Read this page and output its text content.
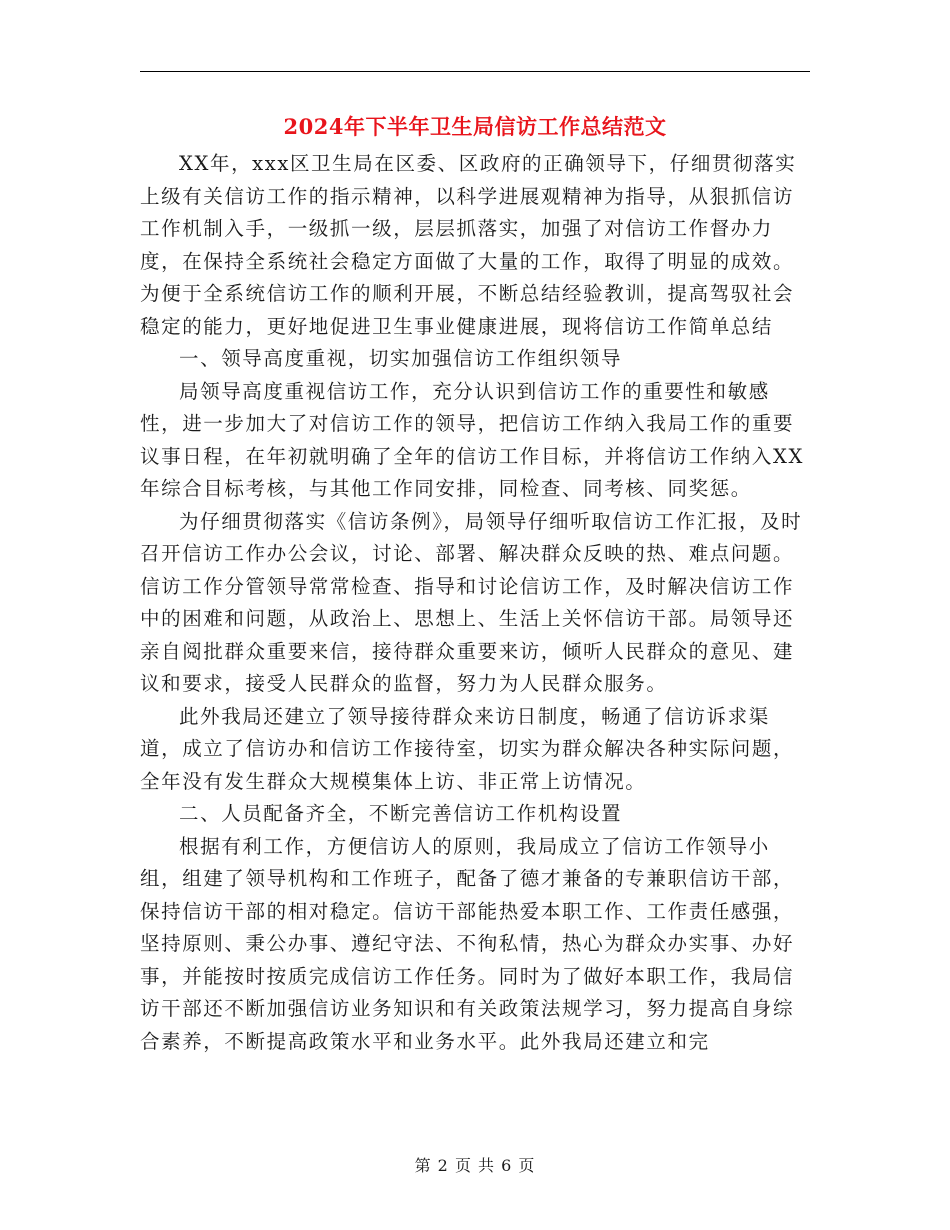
2024年下半年卫生局信访工作总结范文

XX年，xxx区卫生局在区委、区政府的正确领导下，仔细贯彻落实上级有关信访工作的指示精神，以科学进展观精神为指导，从狠抓信访工作机制入手，一级抓一级，层层抓落实，加强了对信访工作督办力度，在保持全系统社会稳定方面做了大量的工作，取得了明显的成效。为便于全系统信访工作的顺利开展，不断总结经验教训，提高驾驭社会稳定的能力，更好地促进卫生事业健康进展，现将信访工作简单总结

一、领导高度重视，切实加强信访工作组织领导

局领导高度重视信访工作，充分认识到信访工作的重要性和敏感性，进一步加大了对信访工作的领导，把信访工作纳入我局工作的重要议事日程，在年初就明确了全年的信访工作目标，并将信访工作纳入XX年综合目标考核，与其他工作同安排，同检查、同考核、同奖惩。

为仔细贯彻落实《信访条例》，局领导仔细听取信访工作汇报，及时召开信访工作办公会议，讨论、部署、解决群众反映的热、难点问题。信访工作分管领导常常检查、指导和讨论信访工作，及时解决信访工作中的困难和问题，从政治上、思想上、生活上关怀信访干部。局领导还亲自阅批群众重要来信，接待群众重要来访，倾听人民群众的意见、建议和要求，接受人民群众的监督，努力为人民群众服务。

此外我局还建立了领导接待群众来访日制度，畅通了信访诉求渠道，成立了信访办和信访工作接待室，切实为群众解决各种实际问题，全年没有发生群众大规模集体上访、非正常上访情况。

二、人员配备齐全，不断完善信访工作机构设置

根据有利工作，方便信访人的原则，我局成立了信访工作领导小组，组建了领导机构和工作班子，配备了德才兼备的专兼职信访干部，保持信访干部的相对稳定。信访干部能热爱本职工作、工作责任感强，坚持原则、秉公办事、遵纪守法、不徇私情，热心为群众办实事、办好事，并能按时按质完成信访工作任务。同时为了做好本职工作，我局信访干部还不断加强信访业务知识和有关政策法规学习，努力提高自身综合素养，不断提高政策水平和业务水平。此外我局还建立和完

第 2 页 共 6 页
